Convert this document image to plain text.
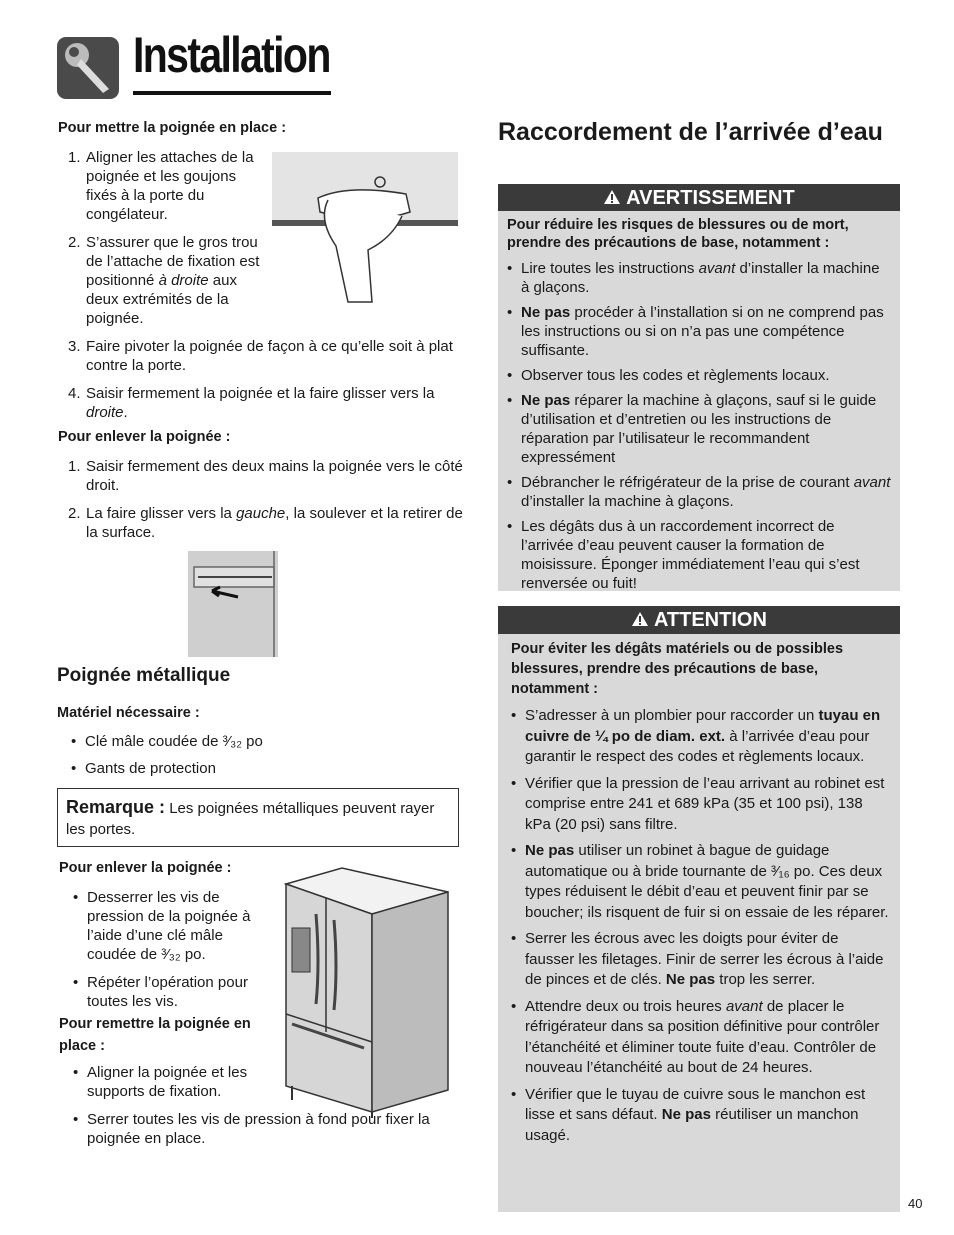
Installation
Pour mettre la poignée en place :
1. Aligner les attaches de la poignée et les goujons fixés à la porte du congélateur.
2. S’assurer que le gros trou de l’attache de fixation est positionné à droite aux deux extrémités de la poignée.
3. Faire pivoter la poignée de façon à ce qu’elle soit à plat contre la porte.
4. Saisir fermement la poignée et la faire glisser vers la droite.
Pour enlever la poignée :
1. Saisir fermement des deux mains la poignée vers le côté droit.
2. La faire glisser vers la gauche, la soulever et la retirer de la surface.
Poignée métallique
Matériel nécessaire :
• Clé mâle coudée de ³⁄₃₂ po
• Gants de protection
Remarque : Les poignées métalliques peuvent rayer les portes.
Pour enlever la poignée :
• Desserrer les vis de pression de la poignée à l’aide d’une clé mâle coudée de ³⁄₃₂ po.
• Répéter l’opération pour toutes les vis.
Pour remettre la poignée en place :
• Aligner la poignée et les supports de fixation.
• Serrer toutes les vis de pression à fond pour fixer la poignée en place.
Raccordement de l’arrivée d’eau
AVERTISSEMENT
Pour réduire les risques de blessures ou de mort, prendre des précautions de base, notamment :
• Lire toutes les instructions avant d’installer la machine à glaçons.
• Ne pas procéder à l’installation si on ne comprend pas les instructions ou si on n’a pas une compétence suffisante.
• Observer tous les codes et règlements locaux.
• Ne pas réparer la machine à glaçons, sauf si le guide d’utilisation et d’entretien ou les instructions de réparation par l’utilisateur le recommandent expressément
• Débrancher le réfrigérateur de la prise de courant avant d’installer la machine à glaçons.
• Les dégâts dus à un raccordement incorrect de l’arrivée d’eau peuvent causer la formation de moisissure. Éponger immédiatement l’eau qui s’est renversée ou fuit!
ATTENTION
Pour éviter les dégâts matériels ou de possibles blessures, prendre des précautions de base, notamment :
• S’adresser à un plombier pour raccorder un tuyau en cuivre de ¼ po de diam. ext. à l’arrivée d’eau pour garantir le respect des codes et règlements locaux.
• Vérifier que la pression de l’eau arrivant au robinet est comprise entre 241 et 689 kPa (35 et 100 psi), 138 kPa (20 psi) sans filtre.
• Ne pas utiliser un robinet à bague de guidage automatique ou à bride tournante de ³⁄₁₆ po. Ces deux types réduisent le débit d’eau et peuvent finir par se boucher; ils risquent de fuir si on essaie de les réparer.
• Serrer les écrous avec les doigts pour éviter de fausser les filetages. Finir de serrer les écrous à l’aide de pinces et de clés. Ne pas trop les serrer.
• Attendre deux ou trois heures avant de placer le réfrigérateur dans sa position définitive pour contrôler l’étanchéité et éliminer toute fuite d’eau. Contrôler de nouveau l’étanchéité au bout de 24 heures.
• Vérifier que le tuyau de cuivre sous le manchon est lisse et sans défaut. Ne pas réutiliser un manchon usagé.
40
